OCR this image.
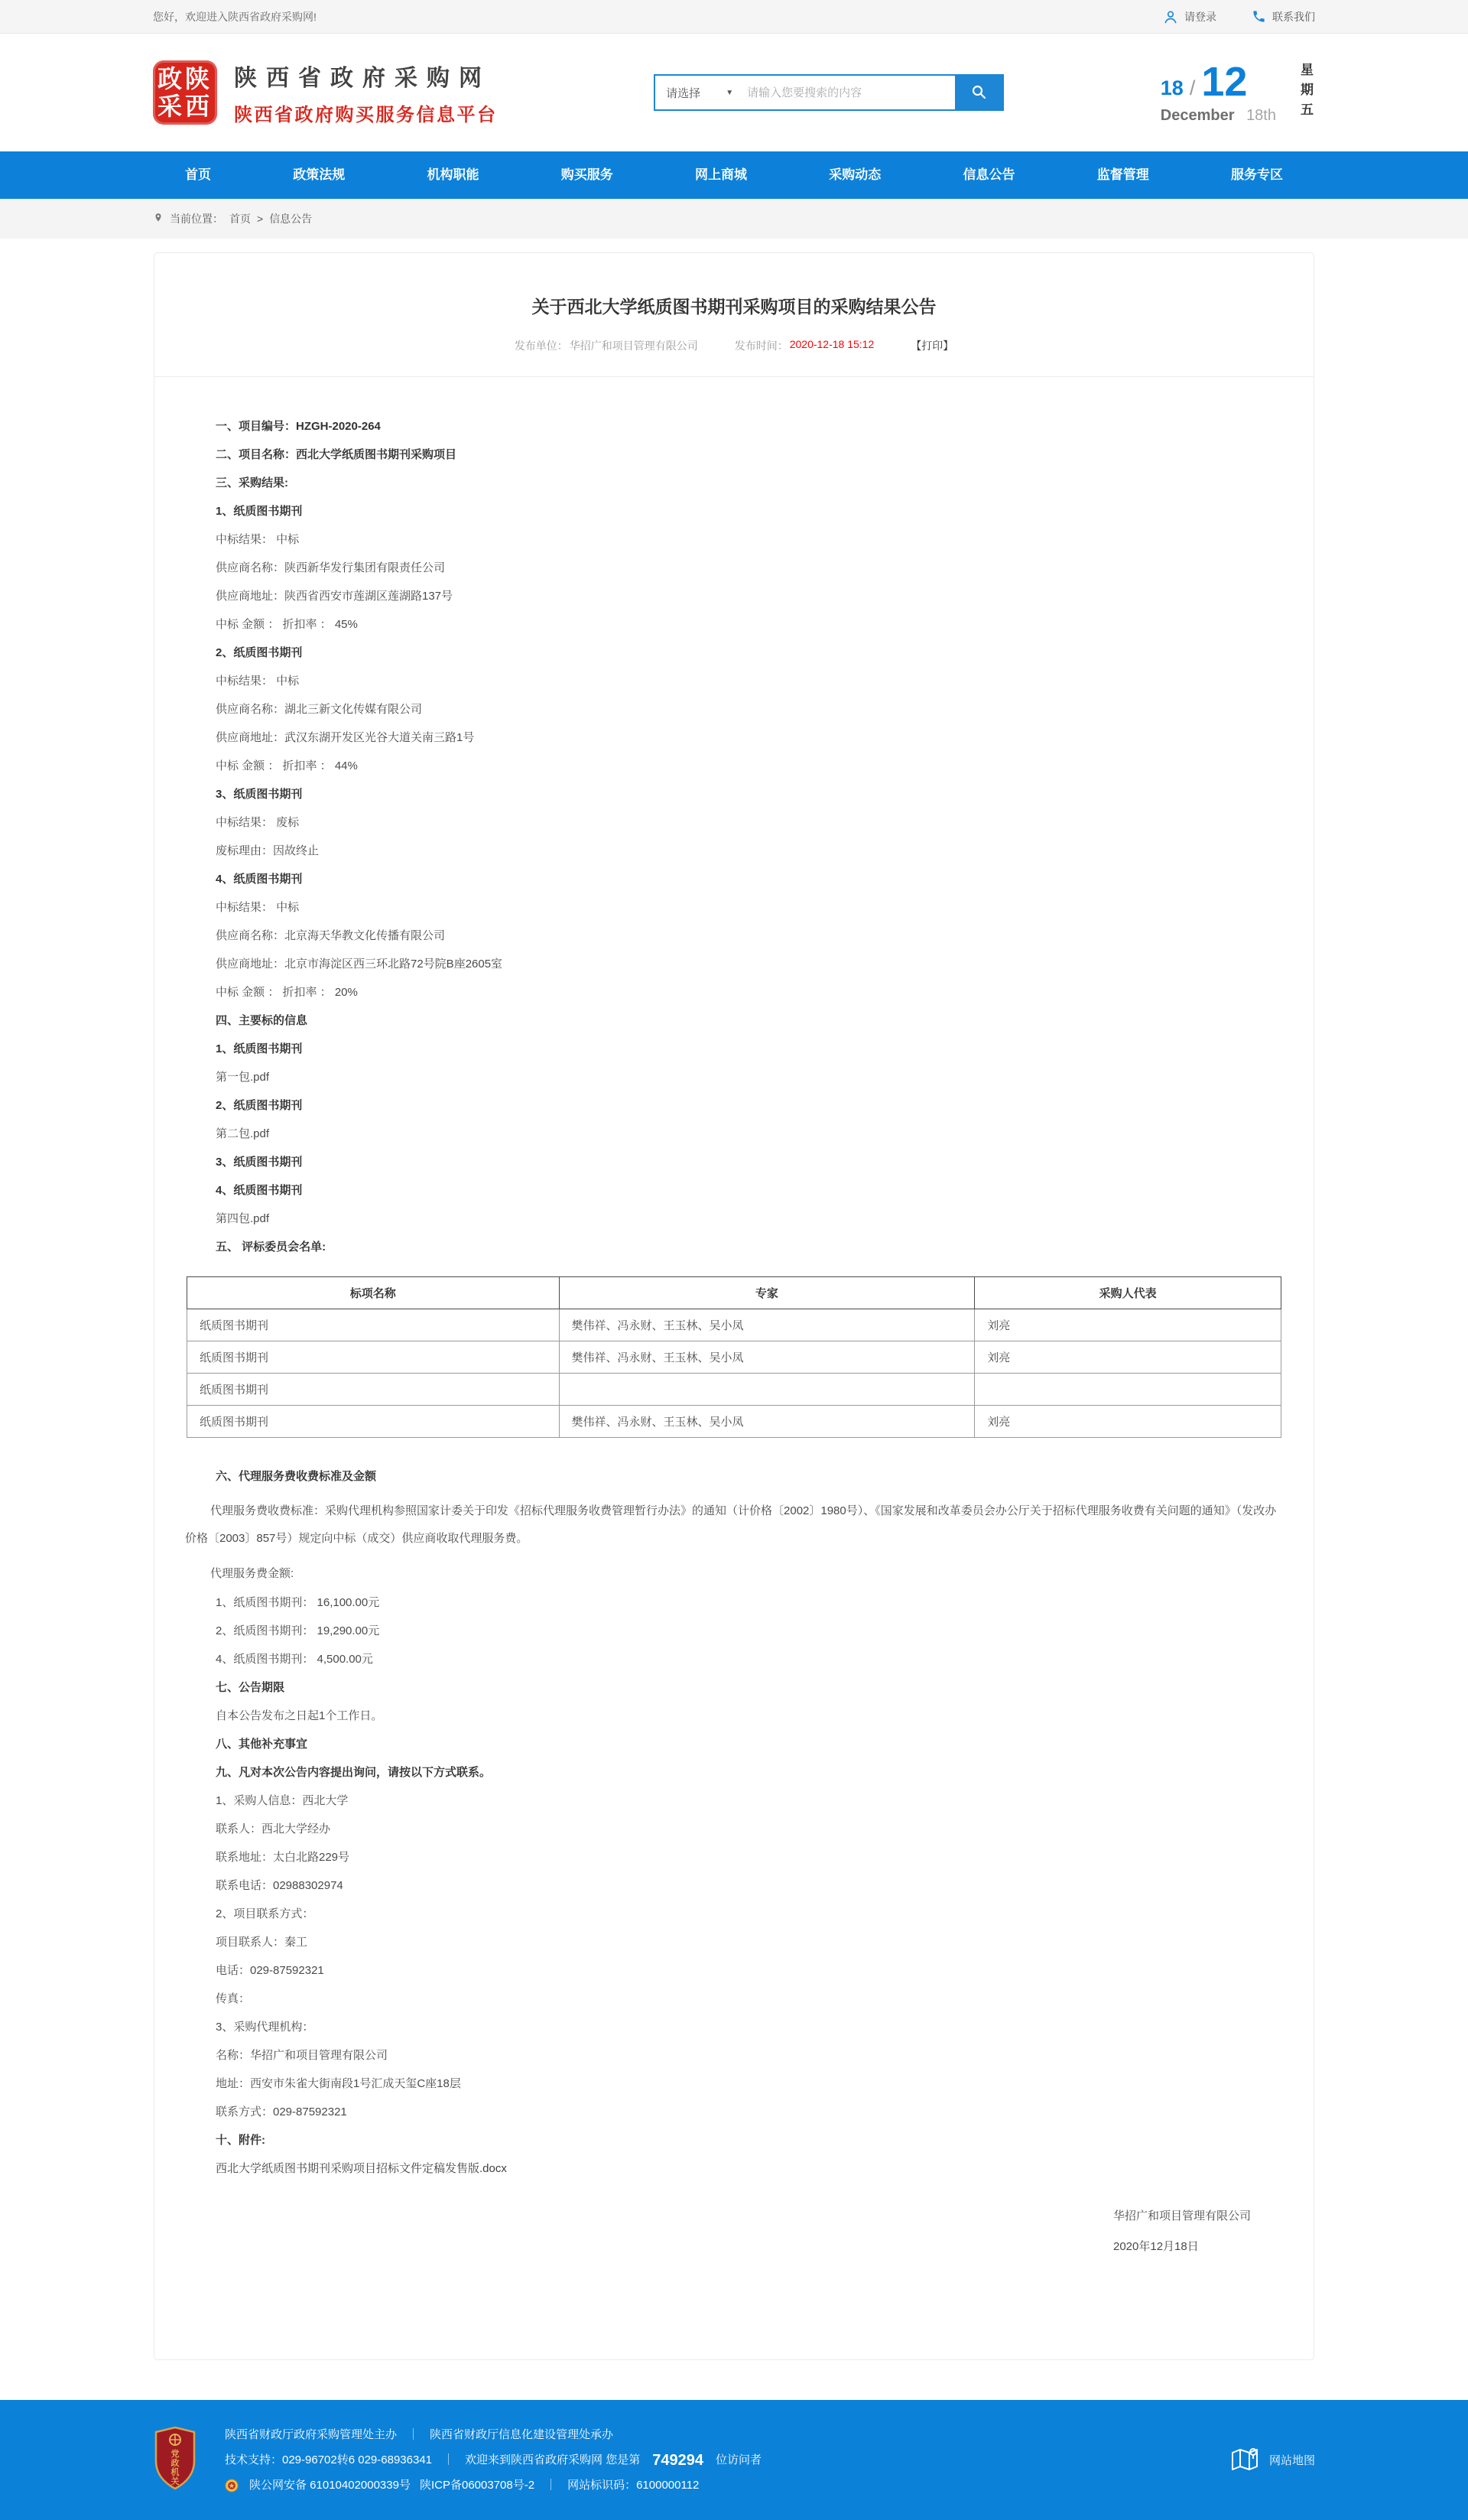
您好，欢迎进入陕西省政府采购网!	请登录	联系我们
政陕
采西
陕西省政府采购网
陕西省政府购买服务信息平台
请选择	▼
请输入您要搜索的内容	18 / 12
December 18th 星期五
首页	政策法规	机构职能	购买服务	网上商城	采购动态	信息公告	监督管理	服务专区
当前位置： 首页 > 信息公告
关于西北大学纸质图书期刊采购项目的采购结果公告
发布单位： 华招广和项目管理有限公司	发布时间： 2020-12-18 15:12	【打印】
一、项目编号：HZGH-2020-264
二、项目名称：西北大学纸质图书期刊采购项目
三、采购结果:
1、纸质图书期刊
中标结果： 中标
供应商名称：陕西新华发行集团有限责任公司
供应商地址：陕西省西安市莲湖区莲湖路137号
中标 金额 ： 折扣率 ： 45%
2、纸质图书期刊
中标结果： 中标
供应商名称：湖北三新文化传媒有限公司
供应商地址：武汉东湖开发区光谷大道关南三路1号
中标 金额 ： 折扣率 ： 44%
3、纸质图书期刊
中标结果： 废标
废标理由：因故终止
4、纸质图书期刊
中标结果： 中标
供应商名称：北京海天华教文化传播有限公司
供应商地址：北京市海淀区西三环北路72号院B座2605室
中标 金额 ： 折扣率 ： 20%
四、主要标的信息
1、纸质图书期刊
第一包.pdf
2、纸质图书期刊
第二包.pdf
3、纸质图书期刊
4、纸质图书期刊
第四包.pdf
五、 评标委员会名单:
标项名称	专家	采购人代表
纸质图书期刊	樊伟祥、冯永财、王玉林、吴小凤	刘亮
纸质图书期刊	樊伟祥、冯永财、王玉林、吴小凤	刘亮
纸质图书期刊		
纸质图书期刊	樊伟祥、冯永财、王玉林、吴小凤	刘亮
六、代理服务费收费标准及金额
代理服务费收费标准：采购代理机构参照国家计委关于印发《招标代理服务收费管理暂行办法》的通知（计价格〔2002〕1980号）、《国家发展和改革委员会办公厅关于招标代理服务收费有关问题的通知》（发改办价格〔2003〕857号）规定向中标（成交）供应商收取代理服务费。
代理服务费金额:
1、纸质图书期刊： 16,100.00元
2、纸质图书期刊： 19,290.00元
4、纸质图书期刊： 4,500.00元
七、公告期限
自本公告发布之日起1个工作日。
八、其他补充事宜
九、凡对本次公告内容提出询问，请按以下方式联系。
1、采购人信息：西北大学
联系人：西北大学经办
联系地址：太白北路229号
联系电话：02988302974
2、项目联系方式：
项目联系人：秦工
电话：029-87592321
传真：
3、采购代理机构：
名称：华招广和项目管理有限公司
地址：西安市朱雀大街南段1号汇成天玺C座18层
联系方式：029-87592321
十、附件:
西北大学纸质图书期刊采购项目招标文件定稿发售版.docx
华招广和项目管理有限公司
2020年12月18日
党
政
机
关
陕西省财政厅政府采购管理处主办 ｜ 陕西省财政厅信息化建设管理处承办
技术支持：029-96702转6 029-68936341 ｜ 欢迎来到陕西省政府采购网 您是第 749294 位访问者
陕公网安备 61010402000339号 陕ICP备06003708号-2 ｜ 网站标识码：6100000112
网站地图
